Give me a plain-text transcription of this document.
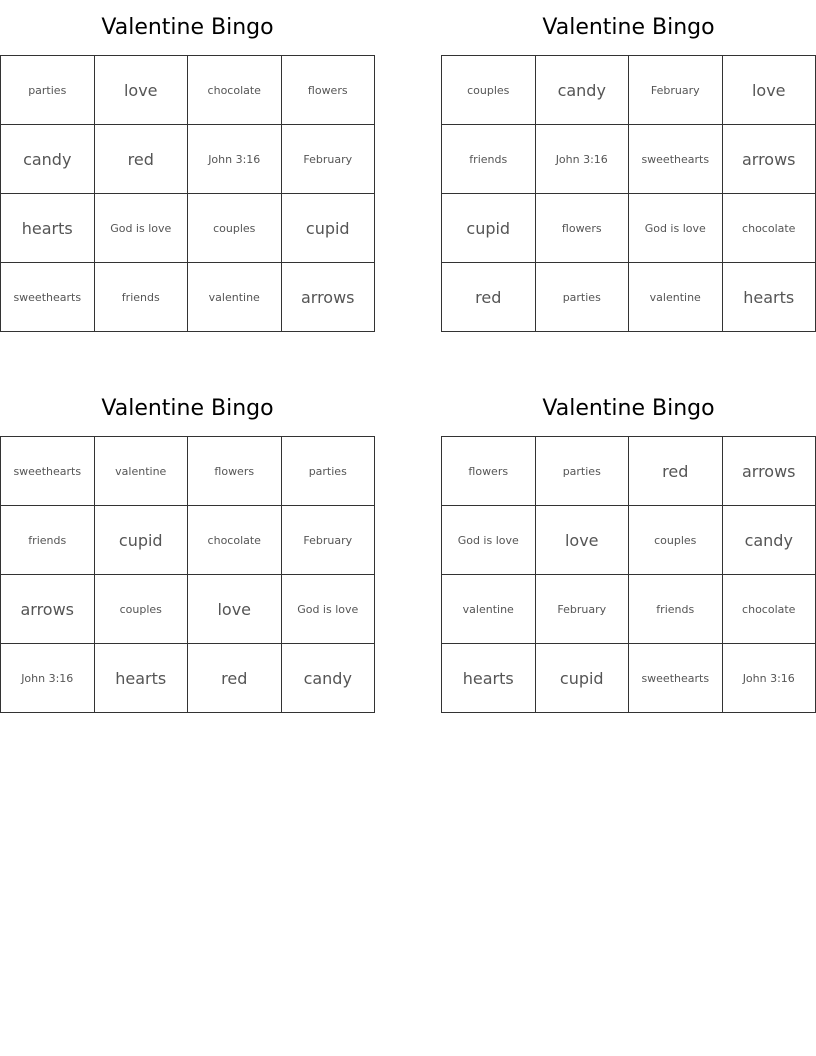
Valentine Bingo
parties	love	chocolate	flowers
candy	red	John 3:16	February
hearts	God is love	couples	cupid
sweethearts	friends	valentine	arrows
Valentine Bingo
couples	candy	February	love
friends	John 3:16	sweethearts	arrows
cupid	flowers	God is love	chocolate
red	parties	valentine	hearts
Valentine Bingo
sweethearts	valentine	flowers	parties
friends	cupid	chocolate	February
arrows	couples	love	God is love
John 3:16	hearts	red	candy
Valentine Bingo
flowers	parties	red	arrows
God is love	love	couples	candy
valentine	February	friends	chocolate
hearts	cupid	sweethearts	John 3:16
